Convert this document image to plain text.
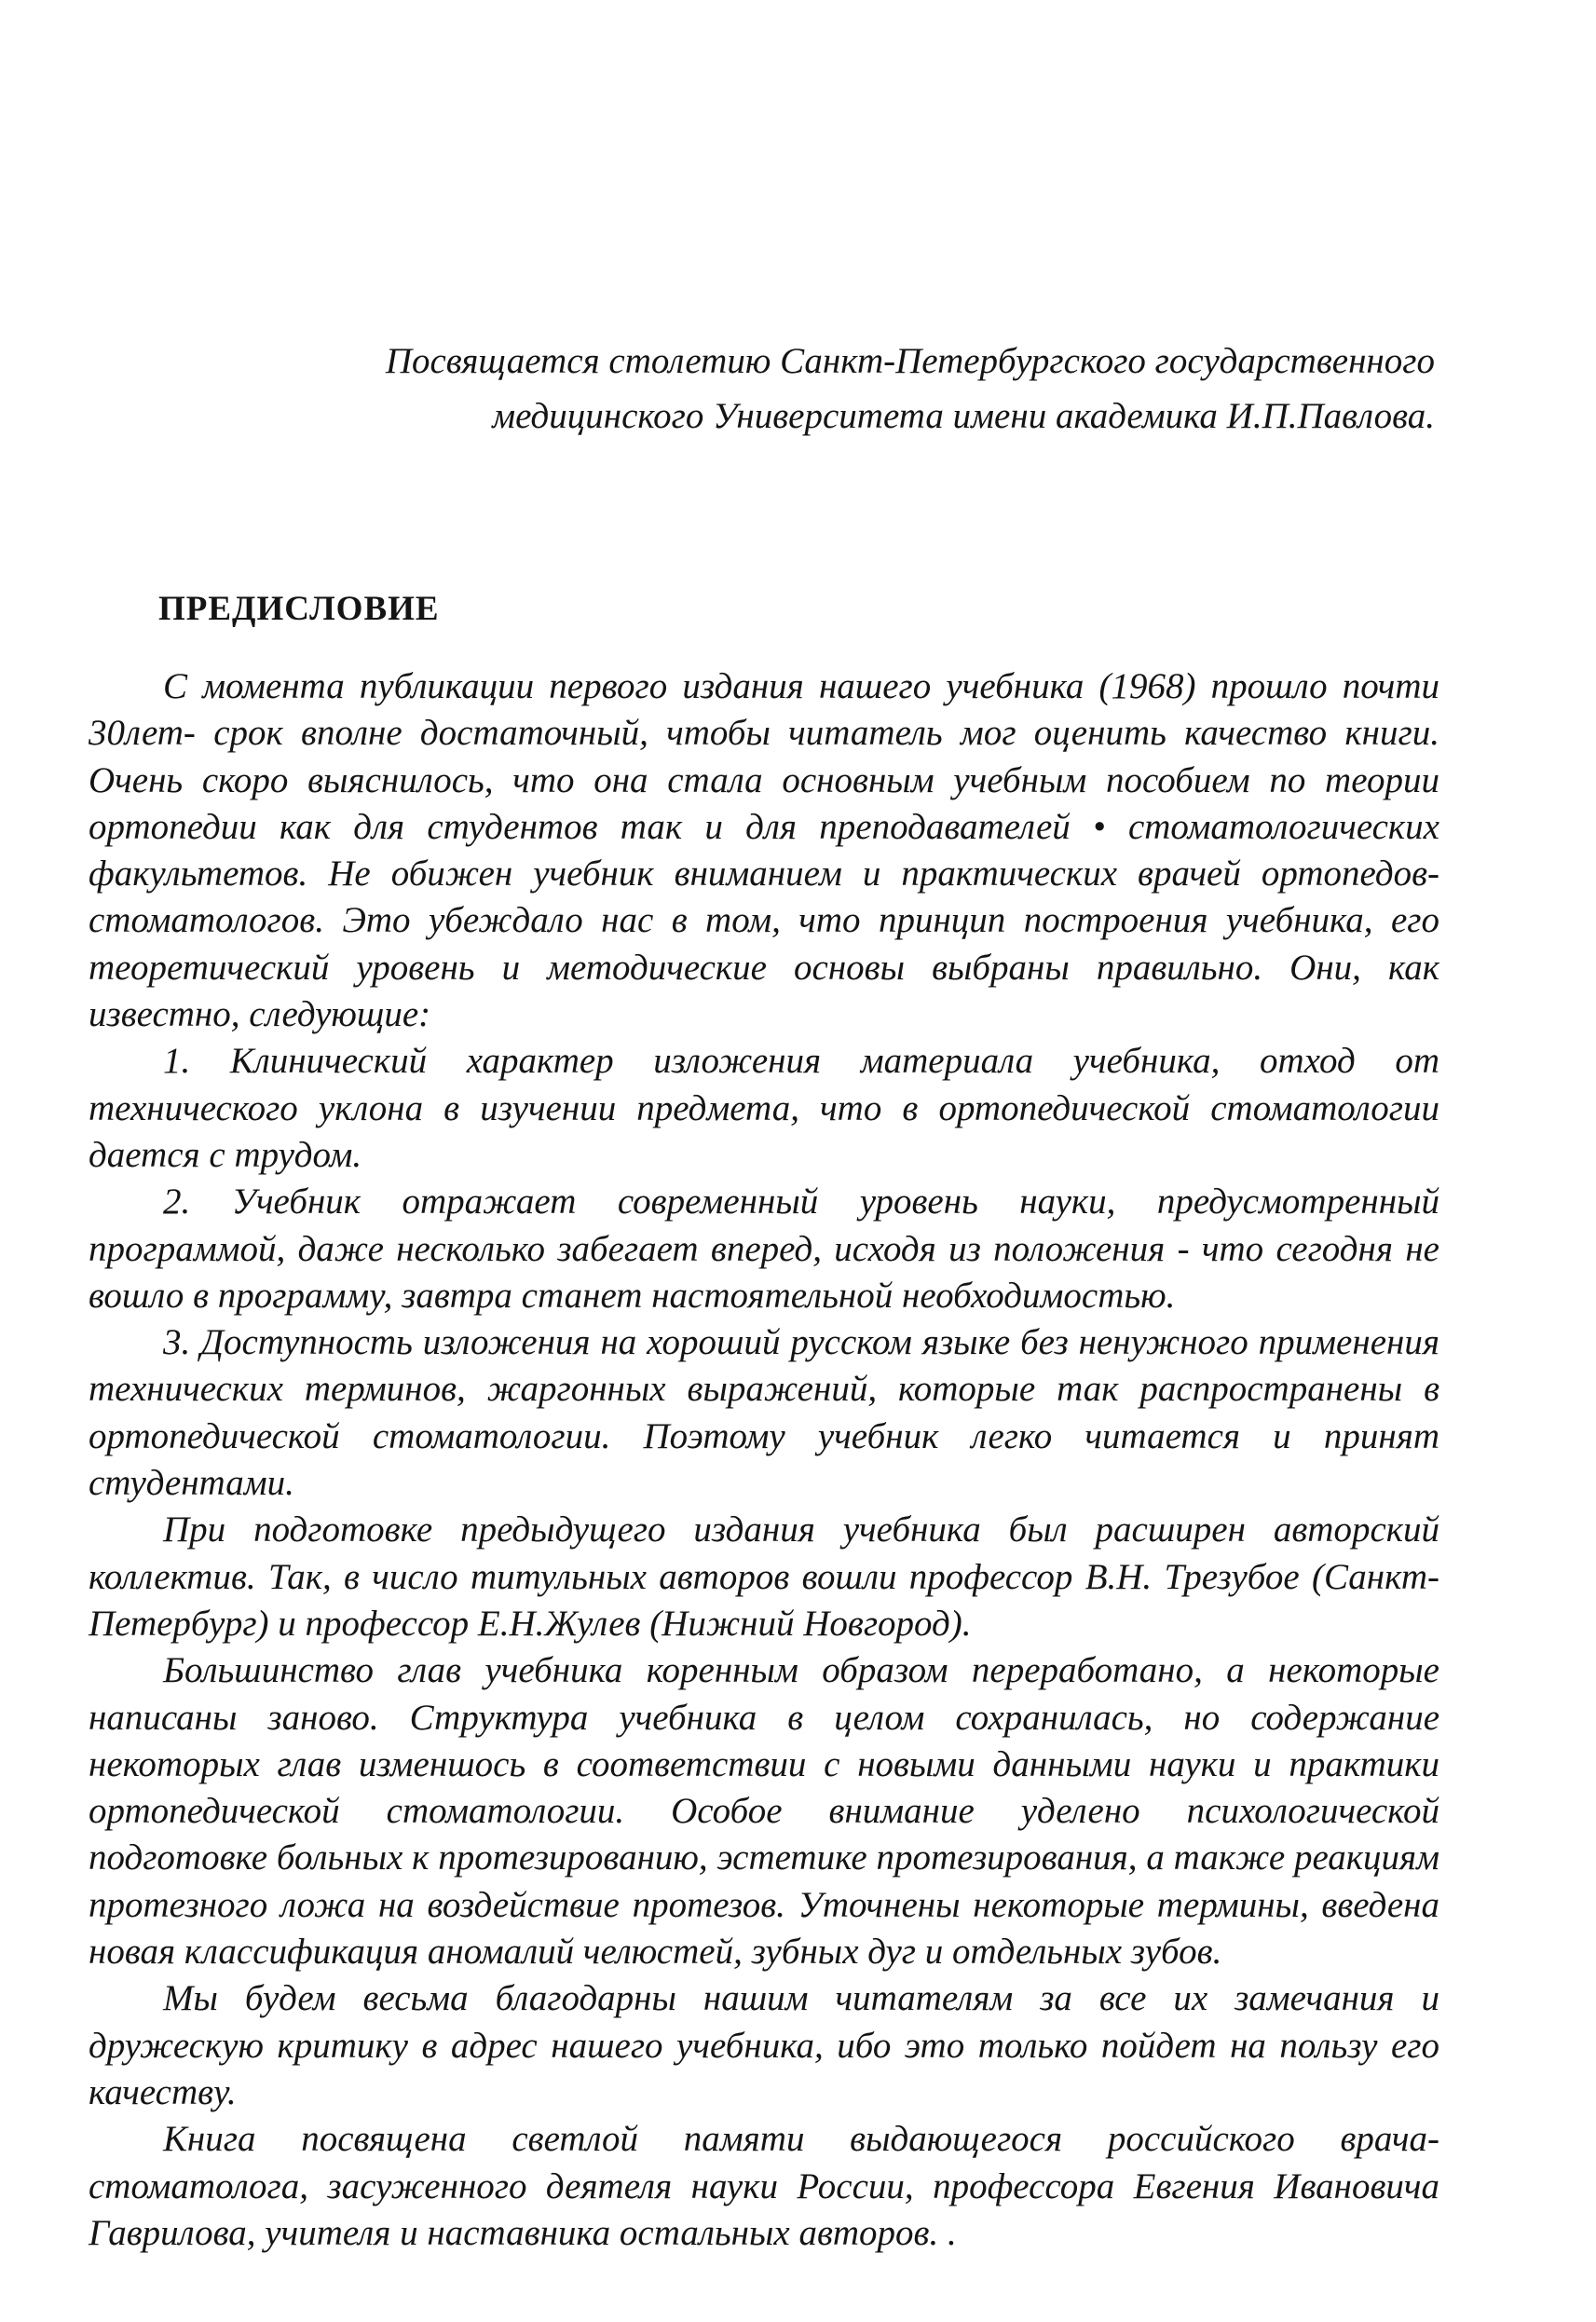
Посвящается столетию Санкт-Петербургского государственного
медицинского Университета имени академика И.П.Павлова.
ПРЕДИСЛОВИЕ

С момента публикации первого издания нашего учебника (1968) прошло почти 30лет- срок вполне достаточный, чтобы читатель мог оценить качество книги. Очень скоро выяснилось, что она стала основным учебным пособием по теории ортопедии как для студентов так и для преподавателей • стоматологических факультетов. Не обижен учебник вниманием и практических врачей ортопедов-стоматологов. Это убеждало нас в том, что принцип построения учебника, его теоретический уровень и методические основы выбраны правильно. Они, как известно, следующие:

1. Клинический характер изложения материала учебника, отход от технического уклона в изучении предмета, что в ортопедической стоматологии дается с трудом.

2. Учебник отражает современный уровень науки, предусмотренный программой, даже несколько забегает вперед, исходя из положения - что сегодня не вошло в программу, завтра станет настоятельной необходимостью.

3. Доступность изложения на хороший русском языке без ненужного применения технических терминов, жаргонных выражений, которые так распространены в ортопедической стоматологии. Поэтому учебник легко читается и принят студентами.

При подготовке предыдущего издания учебника был расширен авторский коллектив. Так, в число титульных авторов вошли профессор В.Н. Трезубое (Санкт-Петербург) и профессор Е.Н.Жулев (Нижний Новгород).

Большинство глав учебника коренным образом переработано, а некоторые написаны заново. Структура учебника в целом сохранилась, но содержание некоторых глав изменшось в соответствии с новыми данными науки и практики ортопедической стоматологии. Особое внимание уделено психологической подготовке больных к протезированию, эстетике протезирования, а также реакциям протезного ложа на воздействие протезов. Уточнены некоторые термины, введена новая классификация аномалий челюстей, зубных дуг и отдельных зубов.

Мы будем весьма благодарны нашим читателям за все их замечания и дружескую критику в адрес нашего учебника, ибо это только пойдет на пользу его качеству.

Книга посвящена светлой памяти выдающегося российского врача-стоматолога, засуженного деятеля науки России, профессора Евгения Ивановича Гаврилова, учителя и наставника остальных авторов. .
